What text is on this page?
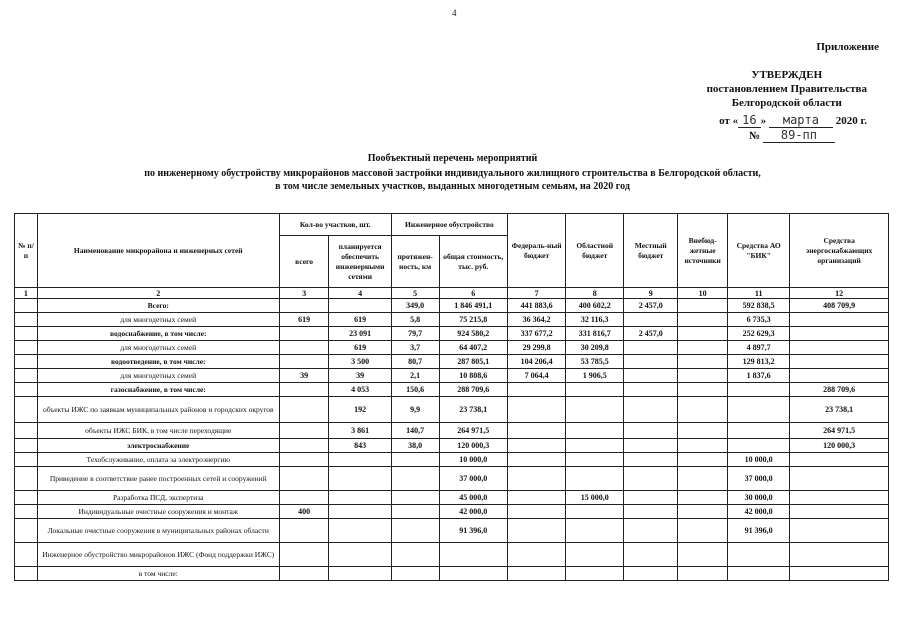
4
Приложение
УТВЕРЖДЕН
постановлением Правительства
Белгородской области
от « 16 » марта 2020 г.
№ 89-пп
Пообъектный перечень мероприятий
по инженерному обустройству микрорайонов массовой застройки индивидуального жилищного строительства в Белгородской области,
в том числе земельных участков, выданных многодетным семьям, на 2020 год
№ п/п	Наименование микрорайона и инженерных сетей	Кол-во участков, шт.		Инженерное обустройство		Федераль-ный бюджет	Областной бюджет	Местный бюджет	Внебюд-жетные источники	Средства АО "БИК"	Средства энергоснабжающих организаций
		всего	планируется обеспечить инженерными сетями	протяжен-ность, км	общая стоимость, тыс. руб.						
1	2	3	4	5	6	7	8	9	10	11	12
	Всего:			349,0	1 846 491,1	441 883,6	400 602,2	2 457,0		592 838,5	408 709,9
	для многодетных семей	619	619	5,8	75 215,8	36 364,2	32 116,3			6 735,3	
	водоснабжение, в том числе:		23 091	79,7	924 580,2	337 677,2	331 816,7	2 457,0		252 629,3	
	для многодетных семей		619	3,7	64 407,2	29 299,8	30 209,8			4 897,7	
	водоотведение, в том числе:		3 500	80,7	287 805,1	104 206,4	53 785,5			129 813,2	
	для многодетных семей	39	39	2,1	10 808,6	7 064,4	1 906,5			1 837,6	
	газоснабжение, в том числе:		4 053	150,6	288 709,6						288 709,6
	объекты ИЖС по заявкам муниципальных районов и городских округов		192	9,9	23 738,1						23 738,1
	объекты ИЖС БИК, в том числе переходящие		3 861	140,7	264 971,5						264 971,5
	электроснабжение		843	38,0	120 000,3						120 000,3
	Техобслуживание, оплата за электроэнергию				10 000,0					10 000,0	
	Приведение в соответствие ранее построенных сетей и сооружений				37 000,0					37 000,0	
	Разработка ПСД, экспертиза				45 000,0		15 000,0			30 000,0	
	Индивидуальные очистные сооружения и монтаж	400			42 000,0					42 000,0	
	Локальные очистные сооружения в муниципальных районах области				91 396,0					91 396,0	
	Инженерное обустройство микрорайонов ИЖС (Фонд поддержки ИЖС)										
	в том числе:										
